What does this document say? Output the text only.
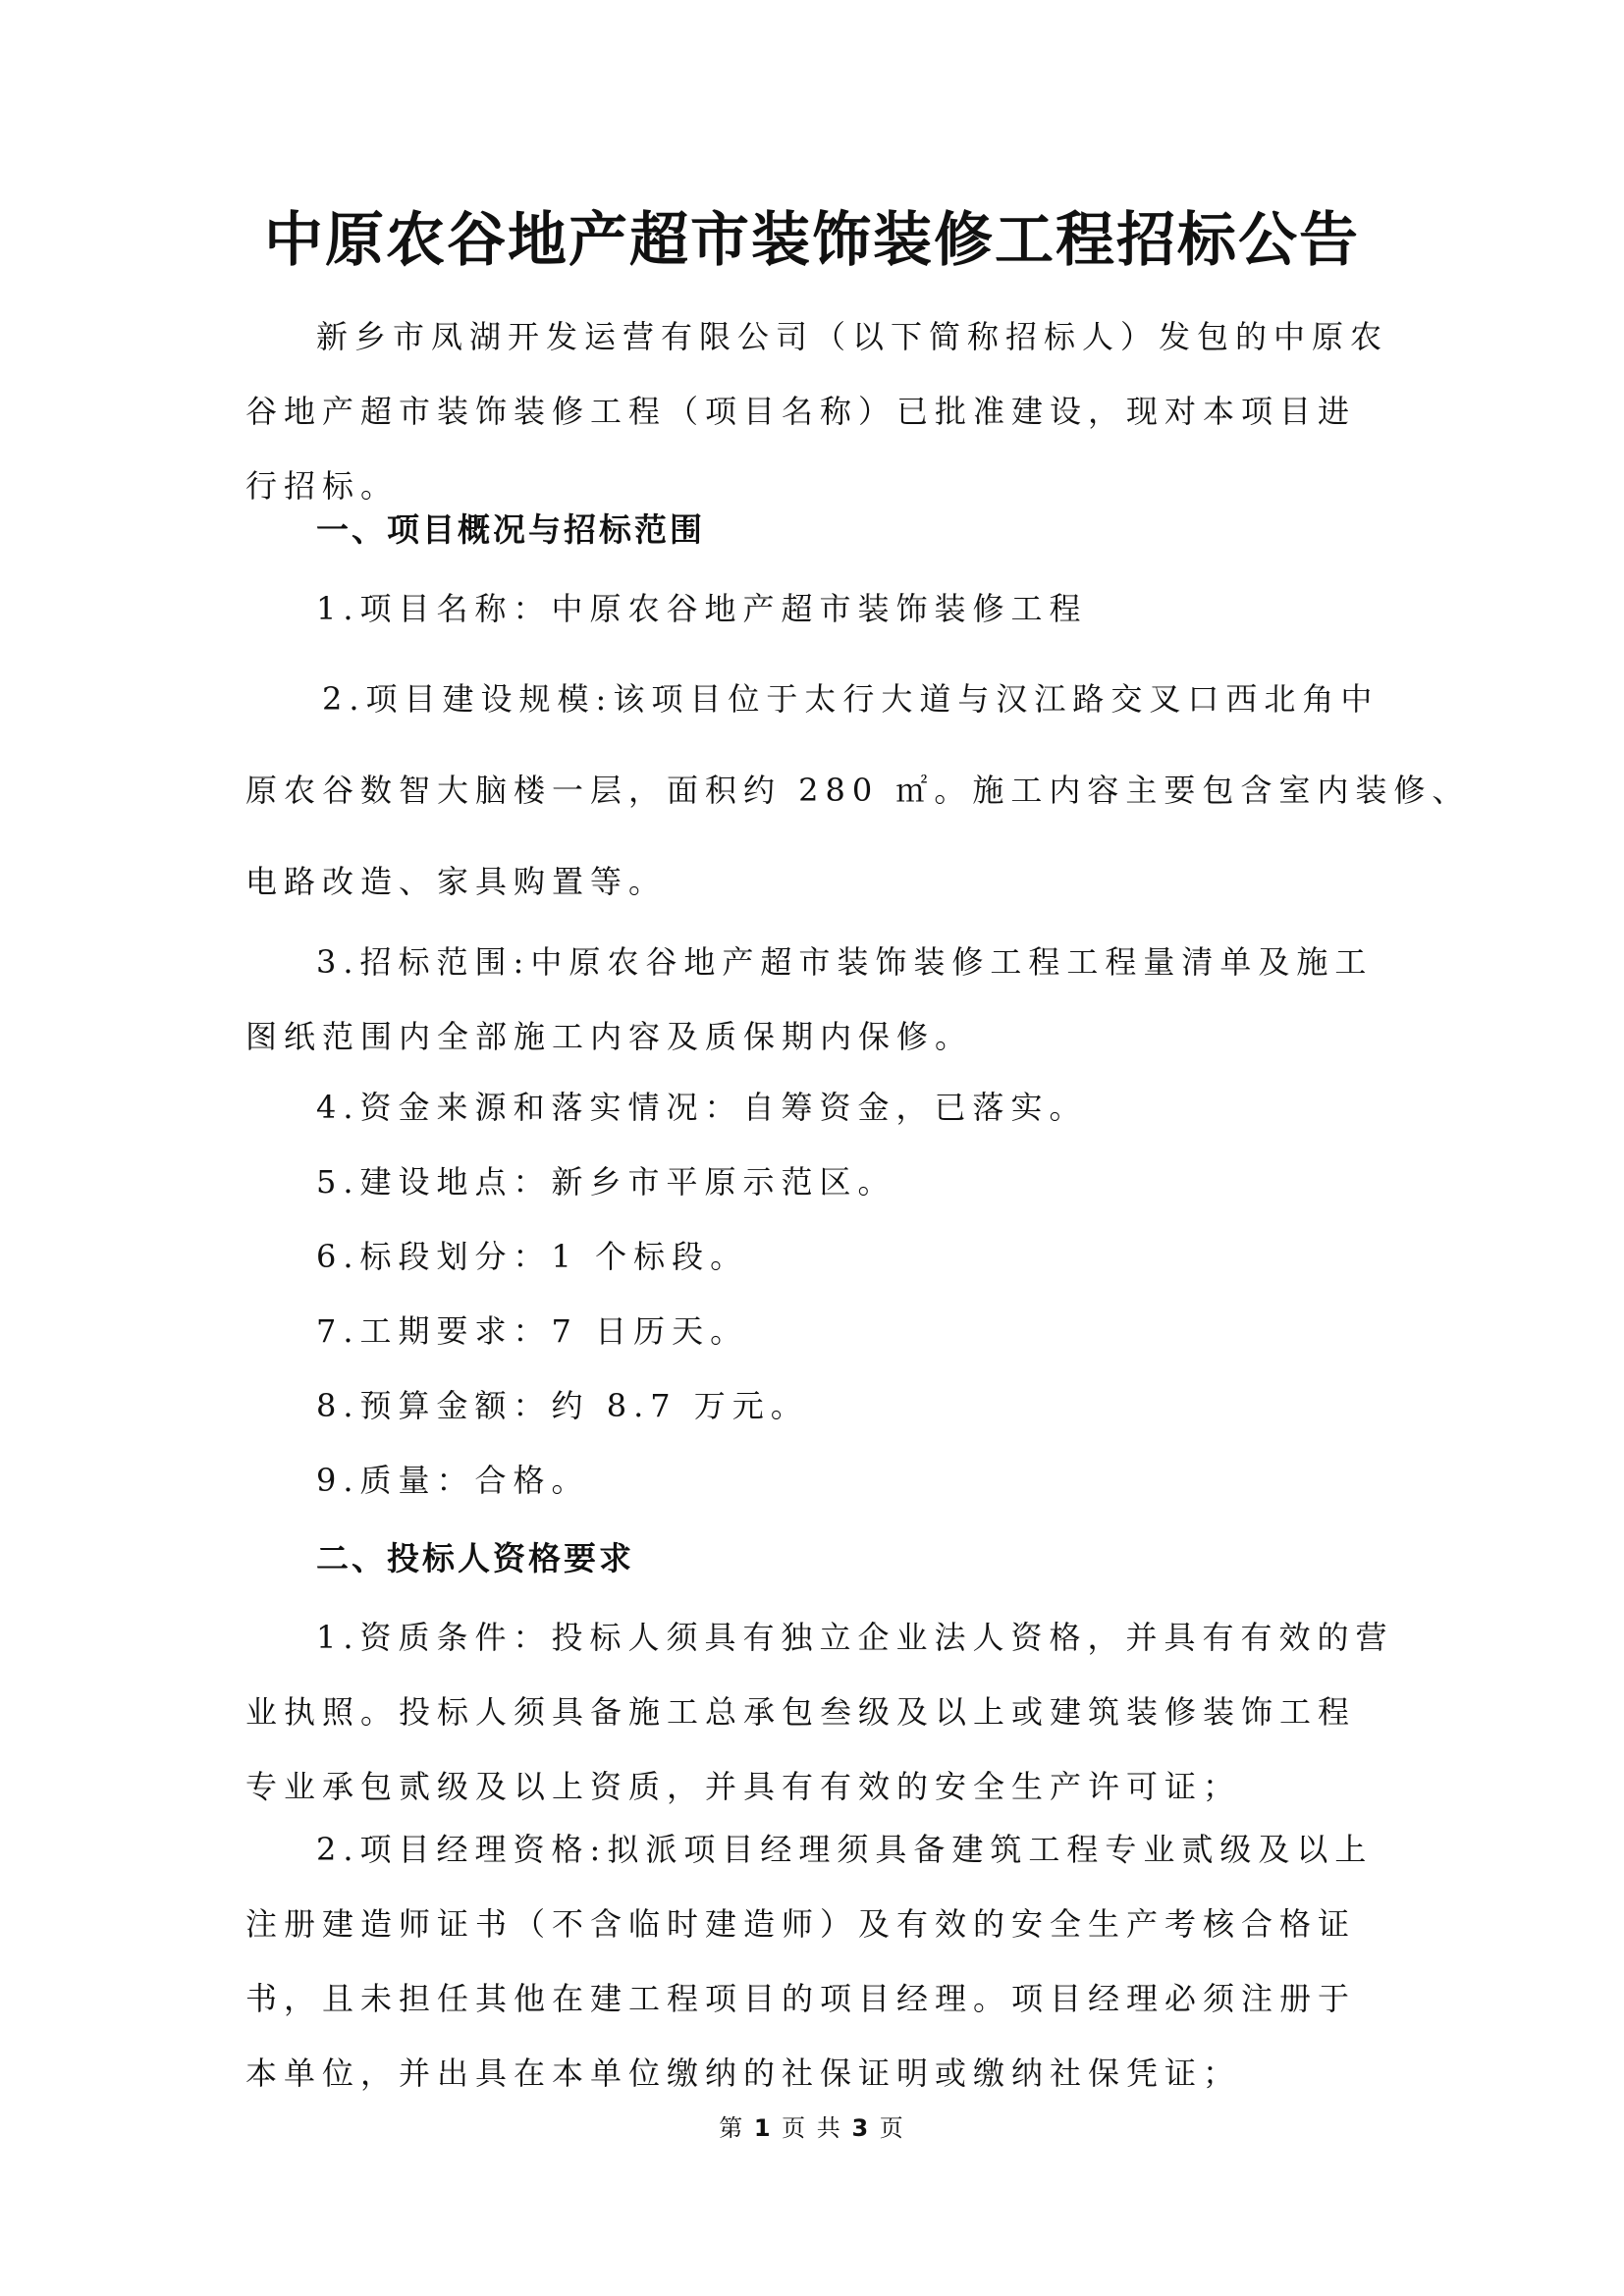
中原农谷地产超市装饰装修工程招标公告
新乡市凤湖开发运营有限公司（以下简称招标人）发包的中原农
谷地产超市装饰装修工程（项目名称）已批准建设，现对本项目进
行招标。
一、项目概况与招标范围

1.项目名称：中原农谷地产超市装饰装修工程

2.项目建设规模:该项目位于太行大道与汉江路交叉口西北角中
原农谷数智大脑楼一层，面积约 280 ㎡。施工内容主要包含室内装修、
电路改造、家具购置等。
3.招标范围:中原农谷地产超市装饰装修工程工程量清单及施工
图纸范围内全部施工内容及质保期内保修。

4.资金来源和落实情况：自筹资金，已落实。

5.建设地点：新乡市平原示范区。

6.标段划分：1 个标段。

7.工期要求：7 日历天。

8.预算金额：约 8.7 万元。

9.质量：合格。

二、投标人资格要求
1.资质条件：投标人须具有独立企业法人资格，并具有有效的营
业执照。投标人须具备施工总承包叁级及以上或建筑装修装饰工程
专业承包贰级及以上资质，并具有有效的安全生产许可证；
2.项目经理资格:拟派项目经理须具备建筑工程专业贰级及以上
注册建造师证书（不含临时建造师）及有效的安全生产考核合格证
书，且未担任其他在建工程项目的项目经理。项目经理必须注册于
本单位，并出具在本单位缴纳的社保证明或缴纳社保凭证；
第 1 页 共 3 页
